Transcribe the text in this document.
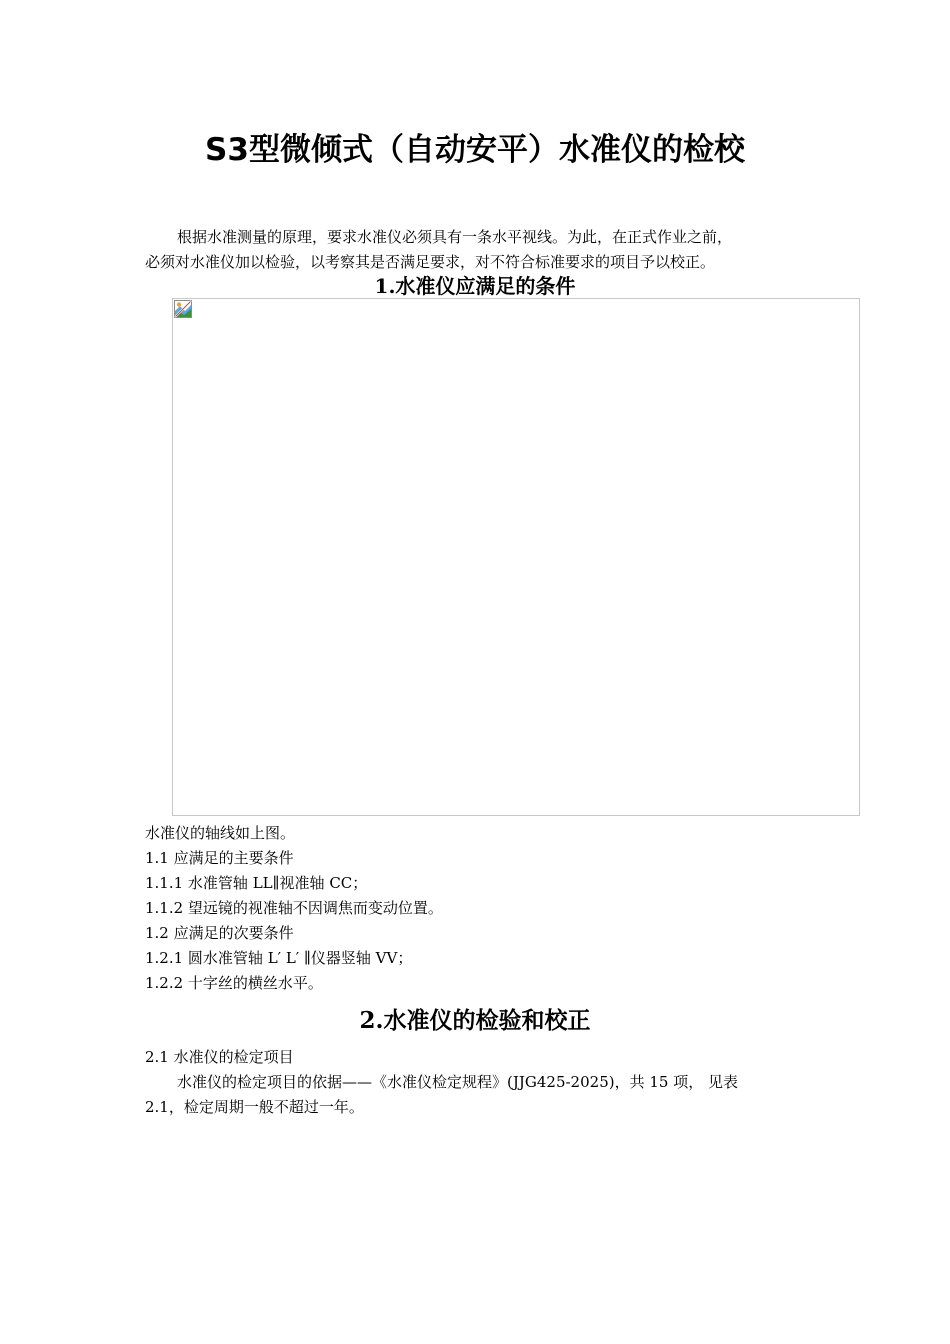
S3型微倾式（自动安平）水准仪的检校

根据水准测量的原理，要求水准仪必须具有一条水平视线。为此，在正式作业之前，
必须对水准仪加以检验，以考察其是否满足要求，对不符合标准要求的项目予以校正。

1.水准仪应满足的条件

水准仪的轴线如上图。

1.1 应满足的主要条件

1.1.1 水准管轴 LL∥视准轴 CC；

1.1.2 望远镜的视准轴不因调焦而变动位置。

1.2 应满足的次要条件

1.2.1 圆水准管轴 L′ L′ ∥仪器竖轴 VV；

1.2.2 十字丝的横丝水平。

2.水准仪的检验和校正

2.1 水准仪的检定项目

水准仪的检定项目的依据——《水准仪检定规程》(JJG425-2025)，共 15 项， 见表
2.1，检定周期一般不超过一年。
